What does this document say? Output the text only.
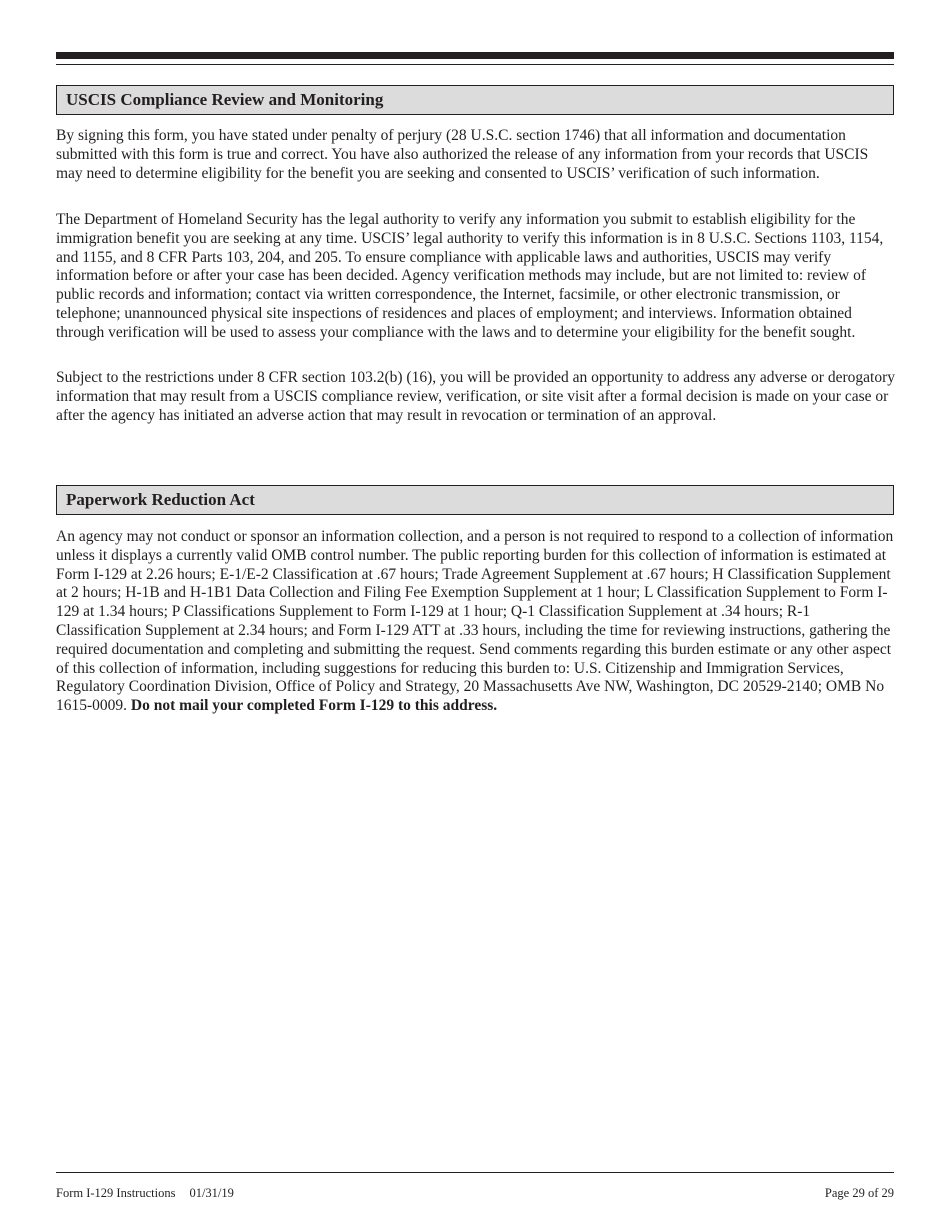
USCIS Compliance Review and Monitoring

By signing this form, you have stated under penalty of perjury (28 U.S.C. section 1746) that all information and documentation submitted with this form is true and correct. You have also authorized the release of any information from your records that USCIS may need to determine eligibility for the benefit you are seeking and consented to USCIS’ verification of such information.

The Department of Homeland Security has the legal authority to verify any information you submit to establish eligibility for the immigration benefit you are seeking at any time. USCIS’ legal authority to verify this information is in 8 U.S.C. Sections 1103, 1154, and 1155, and 8 CFR Parts 103, 204, and 205. To ensure compliance with applicable laws and authorities, USCIS may verify information before or after your case has been decided. Agency verification methods may include, but are not limited to: review of public records and information; contact via written correspondence, the Internet, facsimile, or other electronic transmission, or telephone; unannounced physical site inspections of residences and places of employment; and interviews. Information obtained through verification will be used to assess your compliance with the laws and to determine your eligibility for the benefit sought.

Subject to the restrictions under 8 CFR section 103.2(b) (16), you will be provided an opportunity to address any adverse or derogatory information that may result from a USCIS compliance review, verification, or site visit after a formal decision is made on your case or after the agency has initiated an adverse action that may result in revocation or termination of an approval.

Paperwork Reduction Act

An agency may not conduct or sponsor an information collection, and a person is not required to respond to a collection of information unless it displays a currently valid OMB control number. The public reporting burden for this collection of information is estimated at Form I-129 at 2.26 hours; E-1/E-2 Classification at .67 hours; Trade Agreement Supplement at .67 hours; H Classification Supplement at 2 hours; H-1B and H-1B1 Data Collection and Filing Fee Exemption Supplement at 1 hour; L Classification Supplement to Form I-129 at 1.34 hours; P Classifications Supplement to Form I-129 at 1 hour; Q-1 Classification Supplement at .34 hours; R-1 Classification Supplement at 2.34 hours; and Form I-129 ATT at .33 hours, including the time for reviewing instructions, gathering the required documentation and completing and submitting the request. Send comments regarding this burden estimate or any other aspect of this collection of information, including suggestions for reducing this burden to: U.S. Citizenship and Immigration Services, Regulatory Coordination Division, Office of Policy and Strategy, 20 Massachusetts Ave NW, Washington, DC 20529-2140; OMB No 1615-0009. Do not mail your completed Form I-129 to this address.

Form I-129 Instructions 01/31/19	Page 29 of 29
